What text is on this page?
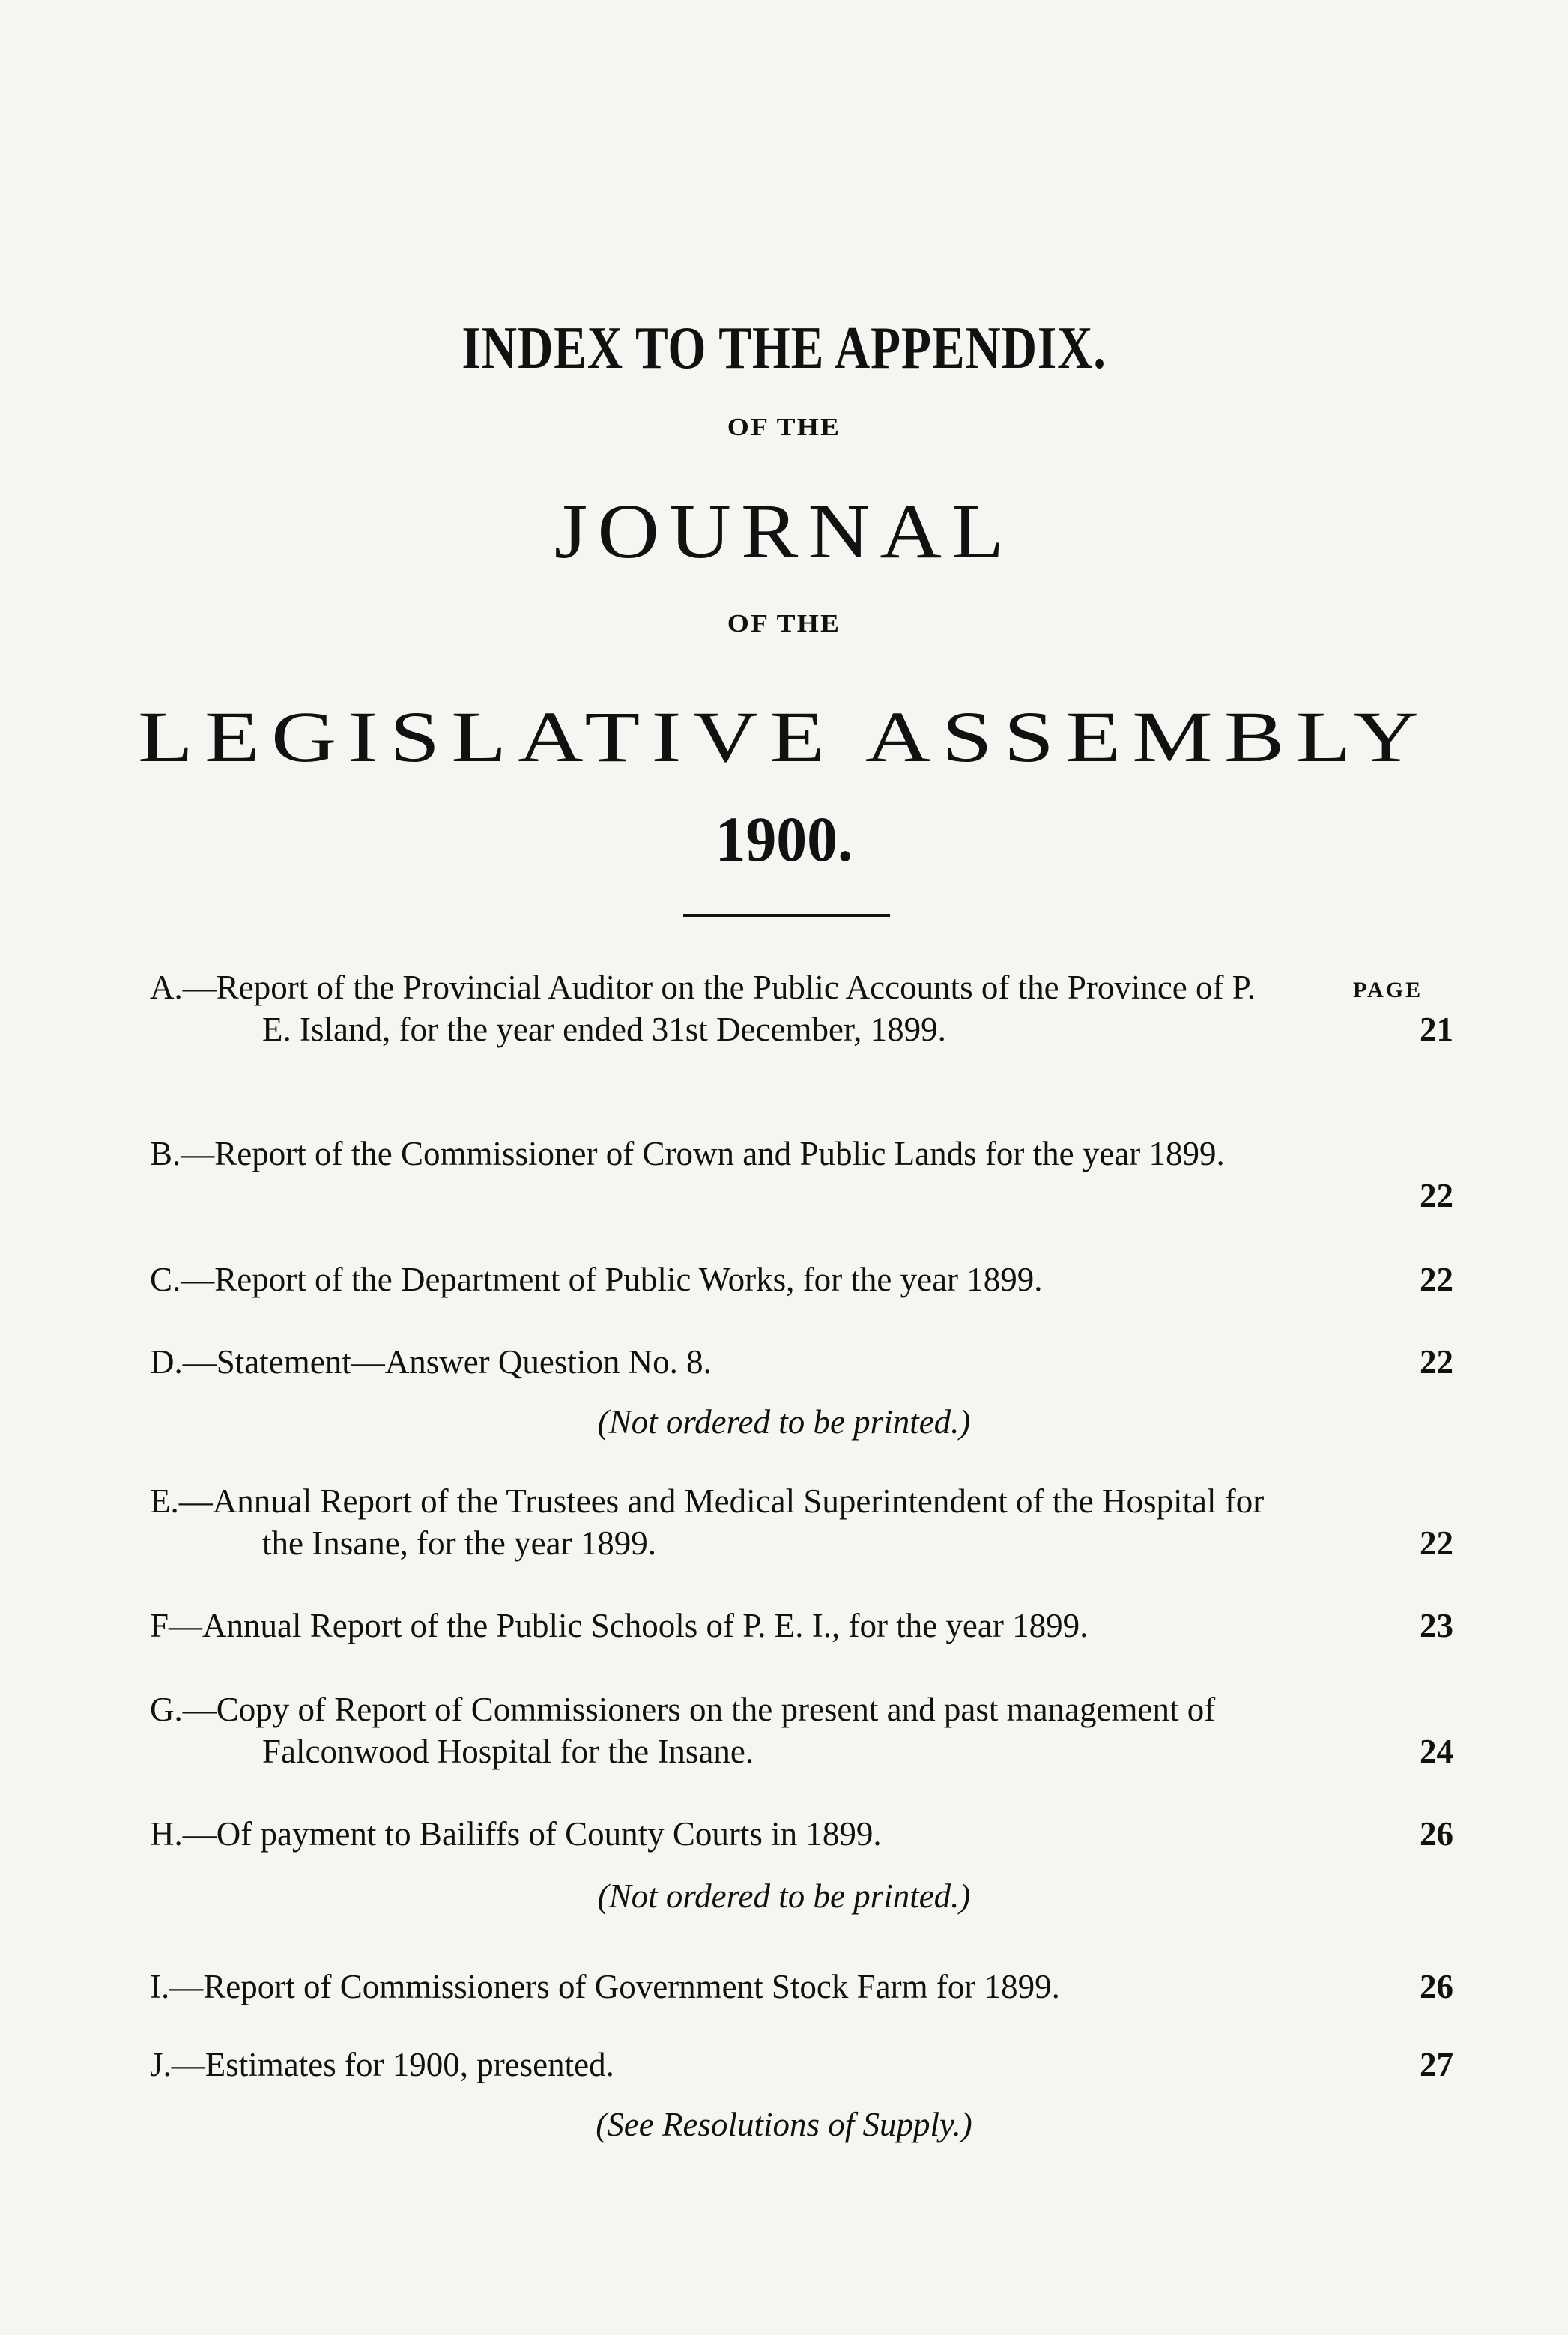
INDEX TO THE APPENDIX.
OF THE
JOURNAL
OF THE
LEGISLATIVE ASSEMBLY
1900.
PAGE
A.—Report of the Provincial Auditor on the Public Accounts of the Province of P. E. Island, for the year ended 31st December, 1899.	21
B.—Report of the Commissioner of Crown and Public Lands for the year 1899.
22
C.—Report of the Department of Public Works, for the year 1899.	22
D.—Statement—Answer Question No. 8.	22
(Not ordered to be printed.)
E.—Annual Report of the Trustees and Medical Superintendent of the Hospital for the Insane, for the year 1899.	22
F—Annual Report of the Public Schools of P. E. I., for the year 1899.	23
G.—Copy of Report of Commissioners on the present and past management of Falconwood Hospital for the Insane.	24
H.—Of payment to Bailiffs of County Courts in 1899.	26
(Not ordered to be printed.)
I.—Report of Commissioners of Government Stock Farm for 1899.	26
J.—Estimates for 1900, presented.	27
(See Resolutions of Supply.)
